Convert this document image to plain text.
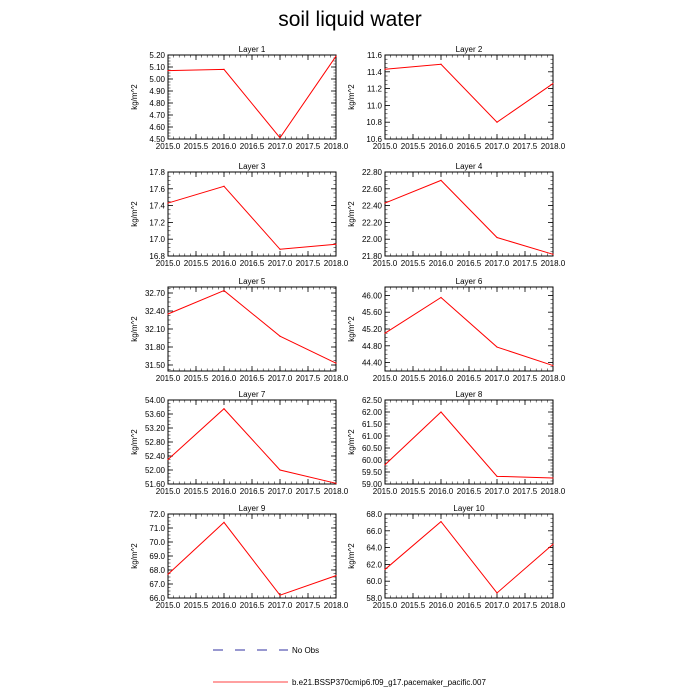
soil liquid water
Layer 1
kg/m^2
2015.0 2015.5 2016.0 2016.5 2017.0 2017.5 2018.0
4.50
4.60
4.70
4.80
4.90
5.00
5.10
5.20
Layer 2
kg/m^2
2015.0 2015.5 2016.0 2016.5 2017.0 2017.5 2018.0
10.6
10.8
11.0
11.2
11.4
11.6
Layer 3
kg/m^2
2015.0 2015.5 2016.0 2016.5 2017.0 2017.5 2018.0
16.8
17.0
17.2
17.4
17.6
17.8
Layer 4
kg/m^2
2015.0 2015.5 2016.0 2016.5 2017.0 2017.5 2018.0
21.80
22.00
22.20
22.40
22.60
22.80
Layer 5
kg/m^2
2015.0 2015.5 2016.0 2016.5 2017.0 2017.5 2018.0
31.50
31.80
32.10
32.40
32.70
Layer 6
kg/m^2
2015.0 2015.5 2016.0 2016.5 2017.0 2017.5 2018.0
44.40
44.80
45.20
45.60
46.00
Layer 7
kg/m^2
2015.0 2015.5 2016.0 2016.5 2017.0 2017.5 2018.0
51.60
52.00
52.40
52.80
53.20
53.60
54.00
Layer 8
kg/m^2
2015.0 2015.5 2016.0 2016.5 2017.0 2017.5 2018.0
59.00
59.50
60.00
60.50
61.00
61.50
62.00
62.50
Layer 9
kg/m^2
2015.0 2015.5 2016.0 2016.5 2017.0 2017.5 2018.0
66.0
67.0
68.0
69.0
70.0
71.0
72.0
Layer 10
kg/m^2
2015.0 2015.5 2016.0 2016.5 2017.0 2017.5 2018.0
58.0
60.0
62.0
64.0
66.0
68.0
No Obs
b.e21.BSSP370cmip6.f09_g17.pacemaker_pacific.007
